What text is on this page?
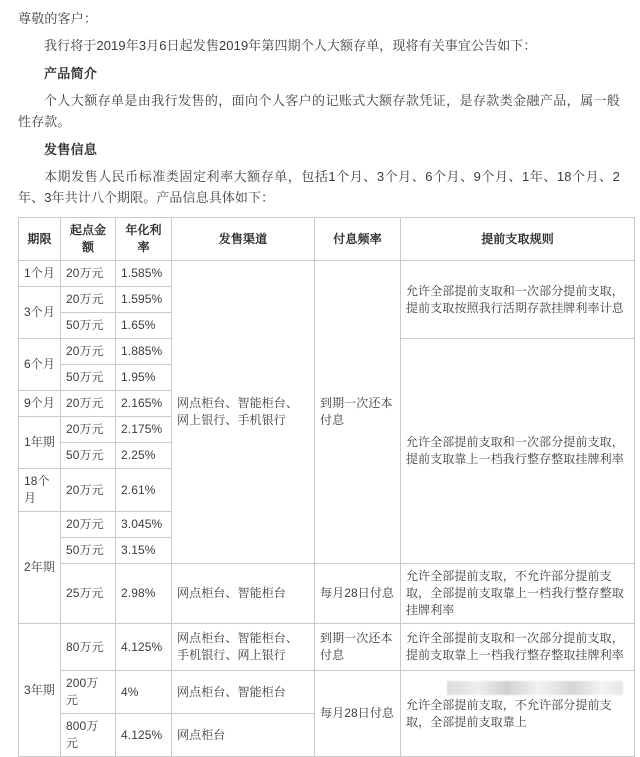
尊敬的客户：
我行将于2019年3月6日起发售2019年第四期个人大额存单，现将有关事宜公告如下：
产品简介
个人大额存单是由我行发售的，面向个人客户的记账式大额存款凭证，是存款类金融产品，属一般性存款。
发售信息
本期发售人民币标准类固定利率大额存单，包括1个月、3个月、6个月、9个月、1年、18个月、2年、3年共计八个期限。产品信息具体如下：
期限	起点金额	年化利率	发售渠道	付息频率	提前支取规则
1个月	20万元	1.585%	网点柜台、智能柜台、网上银行、手机银行	到期一次还本付息	允许全部提前支取和一次部分提前支取，提前支取按照我行活期存款挂牌利率计息
3个月	20万元	1.595%			
	50万元	1.65%			
6个月	20万元	1.885%			允许全部提前支取和一次部分提前支取，提前支取靠上一档我行整存整取挂牌利率
	50万元	1.95%			
9个月	20万元	2.165%			
1年期	20万元	2.175%			
	50万元	2.25%			
18个月	20万元	2.61%			
2年期	20万元	3.045%			
	50万元	3.15%			
	25万元	2.98%	网点柜台、智能柜台	每月28日付息	允许全部提前支取，不允许部分提前支取，全部提前支取靠上一档我行整存整取挂牌利率
3年期	80万元	4.125%	网点柜台、智能柜台、手机银行、网上银行	到期一次还本付息	允许全部提前支取和一次部分提前支取，提前支取靠上一档我行整存整取挂牌利率
	200万元	4%	网点柜台、智能柜台	每月28日付息	允许全部提前支取，不允许部分提前支取，全部提前支取靠上
	800万元	4.125%	网点柜台		
